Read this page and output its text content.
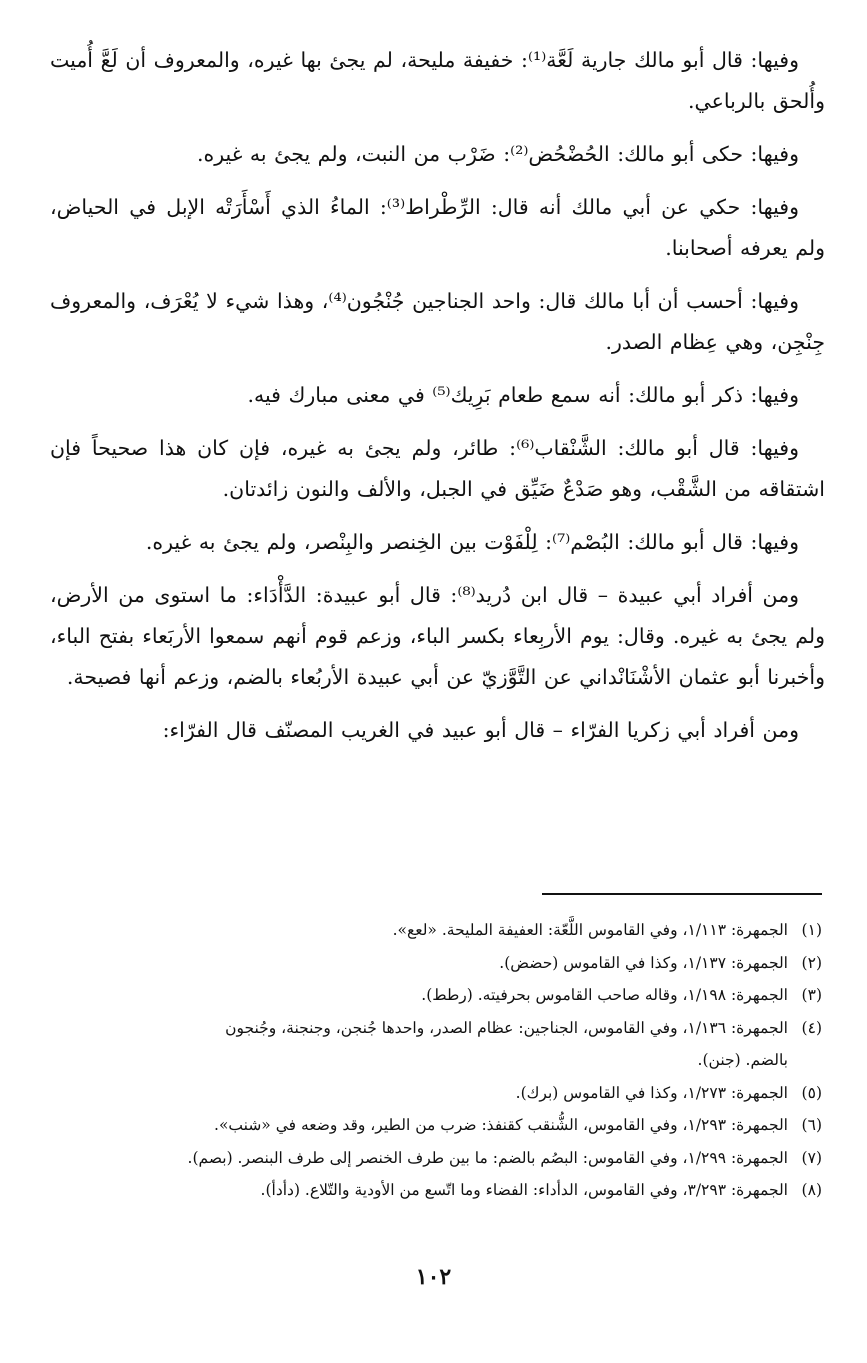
وفيها: قال أبو مالك جارية لَعَّة⁽¹⁾: خفيفة مليحة، لم يجئ بها غيره، والمعروف أن لَعَّ أُميت وأُلحق بالرباعي.

وفيها: حكى أبو مالك: الحُضْحُض⁽²⁾: ضَرْب من النبت، ولم يجئ به غيره.

وفيها: حكي عن أبي مالك أنه قال: الرِّطْراط⁽³⁾: الماءُ الذي أَسْأَرَتْه الإبل في الحياض، ولم يعرفه أصحابنا.

وفيها: أحسب أن أبا مالك قال: واحد الجناجين جُنْجُون⁽⁴⁾، وهذا شيء لا يُعْرَف، والمعروف جِنْجِن، وهي عِظام الصدر.

وفيها: ذكر أبو مالك: أنه سمع طعام بَرِيك⁽⁵⁾ في معنى مبارك فيه.

وفيها: قال أبو مالك: الشَّنْقاب⁽⁶⁾: طائر، ولم يجئ به غيره، فإن كان هذا صحيحاً فإن اشتقاقه من الشَّقْب، وهو صَدْعٌ ضَيِّق في الجبل، والألف والنون زائدتان.

وفيها: قال أبو مالك: البُصْم⁽⁷⁾: لِلْفَوْت بين الخِنصر والبِنْصر، ولم يجئ به غيره.

ومن أفراد أبي عبيدة – قال ابن دُريد⁽⁸⁾: قال أبو عبيدة: الدَّأْدَاء: ما استوى من الأرض، ولم يجئ به غيره. وقال: يوم الأربِعاء بكسر الباء، وزعم قوم أنهم سمعوا الأربَعاء بفتح الباء، وأخبرنا أبو عثمان الأشْنَانْداني عن التَّوَّزيّ عن أبي عبيدة الأربُعاء بالضم، وزعم أنها فصيحة.

ومن أفراد أبي زكريا الفرّاء – قال أبو عبيد في الغريب المصنّف قال الفرّاء:

(١)الجمهرة: ١/١١٣، وفي القاموس اللَّعّة: العفيفة المليحة. «لعع».

(٢)الجمهرة: ١/١٣٧، وكذا في القاموس (حضض).

(٣)الجمهرة: ١/١٩٨، وقاله صاحب القاموس بحرفيته. (رطط).

(٤)الجمهرة: ١/١٣٦، وفي القاموس، الجناجين: عظام الصدر، واحدها جُنجن، وجنجنة، وجُنجون
بالضم. (جنن).

(٥)الجمهرة: ١/٢٧٣، وكذا في القاموس (برك).

(٦)الجمهرة: ١/٢٩٣، وفي القاموس، الشُّنقب كقنفذ: ضرب من الطير، وقد وضعه في «شنب».

(٧)الجمهرة: ١/٢٩٩، وفي القاموس: البصُم بالضم: ما بين طرف الخنصر إلى طرف البنصر. (بصم).

(٨)الجمهرة: ٣/٢٩٣، وفي القاموس، الدأداء: الفضاء وما اتّسع من الأودية والتّلاع. (دأدأ).

١٠٢
